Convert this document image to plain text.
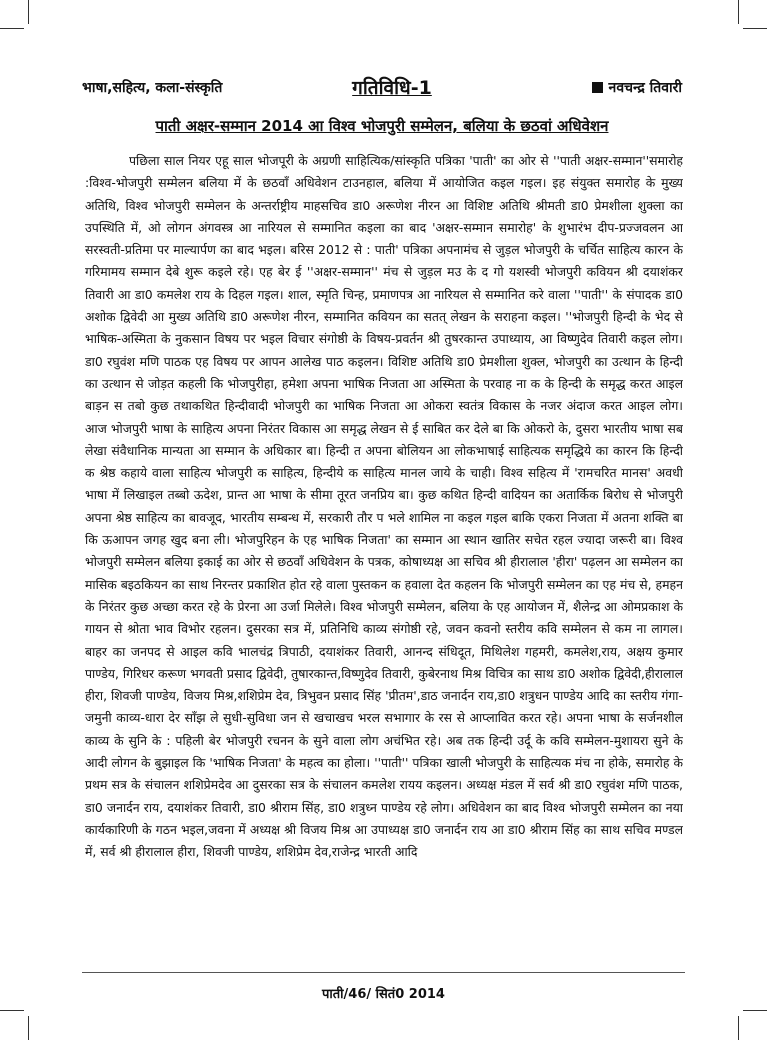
भाषा,सहित्य, कला-संस्कृति	गतिविधि-1	नवचन्द्र तिवारी
पाती अक्षर-सम्मान 2014 आ विश्व भोजपुरी सम्मेलन, बलिया के छठवां अधिवेशन
पछिला साल नियर एहू साल भोजपूरी के अग्रणी साहित्यिक/सांस्कृति पत्रिका 'पाती' का ओर से ''पाती अक्षर-सम्मान''समारोह :विश्व-भोजपुरी सम्मेलन बलिया में के छठवाँ अधिवेशन टाउनहाल, बलिया में आयोजित कइल गइल। इह संयुक्त समारोह के मुख्य अतिथि, विश्व भोजपुरी सम्मेलन के अन्तर्राष्ट्रीय माहसचिव डा0 अरूणेश नीरन आ विशिष्ट अतिथि श्रीमती डा0 प्रेमशीला शुक्ला का उपस्थिति में, ओ लोगन अंगवस्त्र आ नारियल से सम्मानित कइला का बाद 'अक्षर-सम्मान समारोह' के शुभारंभ दीप-प्रज्जवलन आ सरस्वती-प्रतिमा पर माल्यार्पण का बाद भइल। बरिस 2012 से : पाती' पत्रिका अपनामंच से जुड़ल भोजपुरी के चर्चित साहित्य कारन के गरिमामय सम्मान देबे शुरू कइले रहे। एह बेर ई ''अक्षर-सम्मान'' मंच से जुड़ल मउ के द गो यशस्वी भोजपुरी कवियन श्री दयाशंकर तिवारी आ डा0 कमलेश राय के दिहल गइल। शाल, स्मृति चिन्ह, प्रमाणपत्र आ नारियल से सम्मानित करे वाला ''पाती'' के संपादक डा0 अशोक द्विवेदी आ मुख्य अतिथि डा0 अरूणेश नीरन, सम्मानित कवियन का सतत् लेखन के सराहना कइल। ''भोजपुरी हिन्दी के भेद से भाषिक-अस्मिता के नुकसान विषय पर भइल विचार संगोष्ठी के विषय-प्रवर्तन श्री तुषरकान्त उपाध्याय, आ विष्णुदेव तिवारी कइल लोग। डा0 रघुवंश मणि पाठक एह विषय पर आपन आलेख पाठ कइलन। विशिष्ट अतिथि डा0 प्रेमशीला शुक्ल, भोजपुरी का उत्थान के हिन्दी का उत्थान से जोड़त कहली कि भोजपुरीहा, हमेशा अपना भाषिक निजता आ अस्मिता के परवाह ना क के हिन्दी के समृद्ध करत आइल बाड़न स तबो कुछ तथाकथित हिन्दीवादी भोजपुरी का भाषिक निजता आ ओकरा स्वतंत्र विकास के नजर अंदाज करत आइल लोग। आज भोजपुरी भाषा के साहित्य अपना निरंतर विकास आ समृद्ध लेखन से ई साबित कर देले बा कि ओकरो के, दुसरा भारतीय भाषा सब लेखा संवैधानिक मान्यता आ सम्मान के अधिकार बा। हिन्दी त अपना बोलियन आ लोकभाषाई साहित्यक समृद्धिये का कारन कि हिन्दी क श्रेष्ठ कहाये वाला साहित्य भोजपुरी क साहित्य, हिन्दीये क साहित्य मानल जाये के चाही। विश्व सहित्य में 'रामचरित मानस' अवधी भाषा में लिखाइल तब्बो ऊदेश, प्रान्त आ भाषा के सीमा तूरत जनप्रिय बा। कुछ कथित हिन्दी वादियन का अतार्किक बिरोध से भोजपुरी अपना श्रेष्ठ साहित्य का बावजूद, भारतीय सम्बन्ध में, सरकारी तौर प भले शामिल ना कइल गइल बाकि एकरा निजता में अतना शक्ति बा कि ऊआपन जगह खुद बना ली। भोजपुरिहन के एह भाषिक निजता' का सम्मान आ स्थान खातिर सचेत रहल ज्यादा जरूरी बा। विश्व भोजपुरी सम्मेलन बलिया इकाई का ओर से छठवाँ अधिवेशन के पत्रक, कोषाध्यक्ष आ सचिव श्री हीरालाल 'हीरा' पढ़लन आ सम्मेलन का मासिक बइठकियन का साथ निरन्तर प्रकाशित होत रहे वाला पुस्तकन क हवाला देत कहलन कि भोजपुरी सम्मेलन का एह मंच से, हमहन के निरंतर कुछ अच्छा करत रहे के प्रेरना आ उर्जा मिलेले। विश्व भोजपुरी सम्मेलन, बलिया के एह आयोजन में, शैलेन्द्र आ ओमप्रकाश के गायन से श्रोता भाव विभोर रहलन। दुसरका सत्र में, प्रतिनिधि काव्य संगोष्ठी रहे, जवन कवनो स्तरीय कवि सम्मेलन से कम ना लागल। बाहर का जनपद से आइल कवि भालचंद्र त्रिपाठी, दयाशंकर तिवारी, आनन्द संधिदूत, मिथिलेश गहमरी, कमलेश,राय, अक्षय कुमार पाण्डेय, गिरिधर करूण भगवती प्रसाद द्विवेदी, तुषारकान्त,विष्णुदेव तिवारी, कुबेरनाथ मिश्र विचित्र का साथ डा0 अशोक द्विवेदी,हीरालाल हीरा, शिवजी पाण्डेय, विजय मिश्र,शशिप्रेम देव, त्रिभुवन प्रसाद सिंह 'प्रीतम',डाठ जनार्दन राय,डा0 शत्रुधन पाण्डेय आदि का स्तरीय गंगा-जमुनी काव्य-धारा देर साँझ ले सुधी-सुविधा जन से खचाखच भरल सभागार के रस से आप्लावित करत रहे। अपना भाषा के सर्जनशील काव्य के सुनि के : पहिली बेर भोजपुरी रचनन के सुने वाला लोग अचंभित रहे। अब तक हिन्दी उर्दू के कवि सम्मेलन-मुशायरा सुने के आदी लोगन के बुझाइल कि 'भाषिक निजता' के महत्व का होला। ''पाती'' पत्रिका खाली भोजपुरी के साहित्यक मंच ना होके, समारोह के प्रथम सत्र के संचालन शशिप्रेमदेव आ दुसरका सत्र के संचालन कमलेश रायय कइलन। अध्यक्ष मंडल में सर्व श्री डा0 रघुवंश मणि पाठक, डा0 जनार्दन राय, दयाशंकर तिवारी, डा0 श्रीराम सिंह, डा0 शत्रुध्न पाण्डेय रहे लोग। अधिवेशन का बाद विश्व भोजपुरी सम्मेलन का नया कार्यकारिणी के गठन भइल,जवना में अध्यक्ष श्री विजय मिश्र आ उपाध्यक्ष डा0 जनार्दन राय आ डा0 श्रीराम सिंह का साथ सचिव मण्डल में, सर्व श्री हीरालाल हीरा, शिवजी पाण्डेय, शशिप्रेम देव,राजेन्द्र भारती आदि
पाती/46/ सितं0 2014
